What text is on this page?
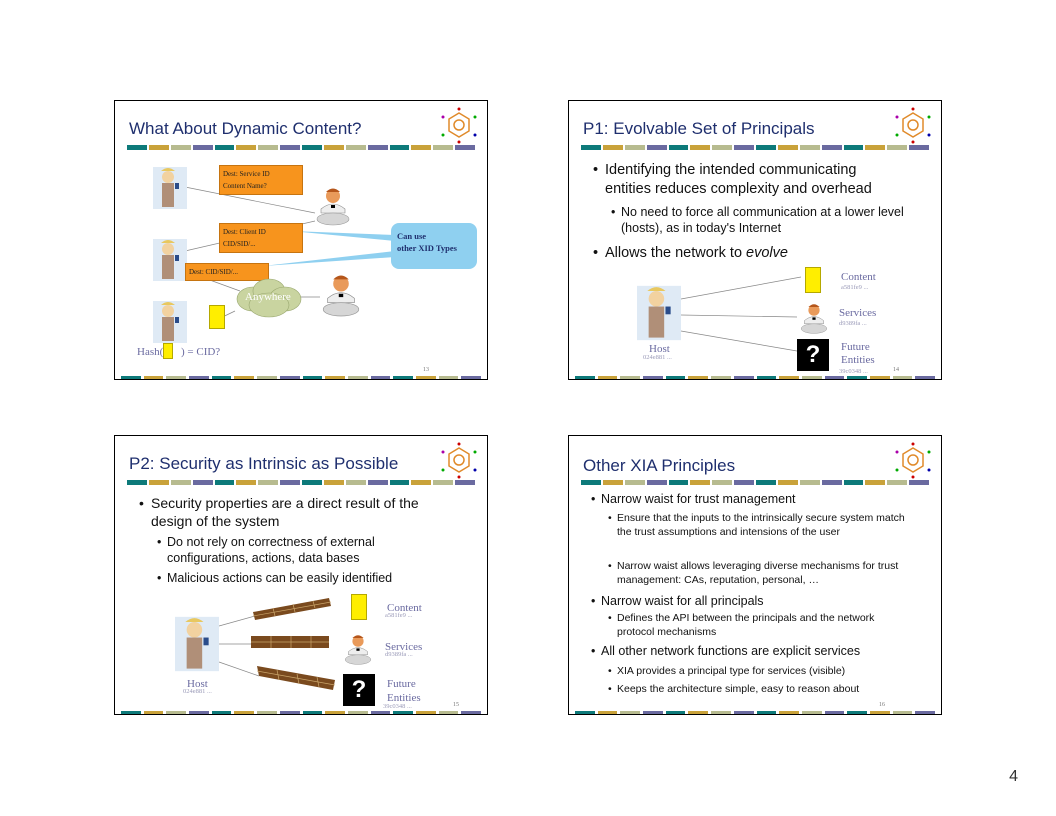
What About Dynamic Content?
Dest: Service ID
Content Name?
Dest: Client ID
CID/SID/...
Dest: CID/SID/...
Can use
other XID Types
Anywhere
Hash( ) = CID?
13
P1: Evolvable Set of Principals
• Identifying the intended communicating entities reduces complexity and overhead
• No need to force all communication at a lower level (hosts), as in today's Internet
• Allows the network to evolve
Host
024e881 ...
Content
a581fe9 ...
Services
d9389fa ...
?	Future
Entities
39c0348 ...	14
P2: Security as Intrinsic as Possible
• Security properties are a direct result of the design of the system
• Do not rely on correctness of external configurations, actions, data bases
• Malicious actions can be easily identified
Host
024e881 ...
Content
a581fe9 ...
Services
d9389fa ...
?	Future
Entities
39c0348 ...	15
Other XIA Principles
• Narrow waist for trust management
• Ensure that the inputs to the intrinsically secure system match the trust assumptions and intensions of the user
• Narrow waist allows leveraging diverse mechanisms for trust management: CAs, reputation, personal, …
• Narrow waist for all principals
• Defines the API between the principals and the network protocol mechanisms
• All other network functions are explicit services
• XIA provides a principal type for services (visible)
• Keeps the architecture simple, easy to reason about
16
4
